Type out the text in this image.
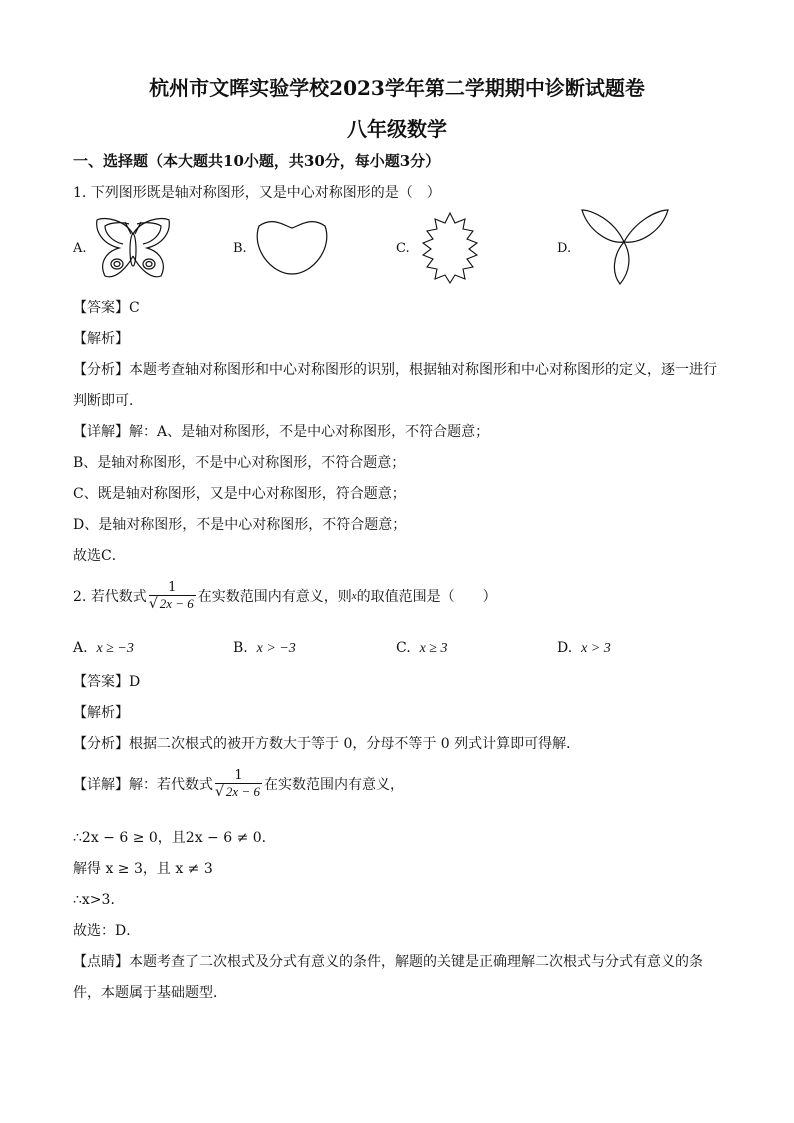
杭州市文晖实验学校2023学年第二学期期中诊断试题卷
八年级数学
一、选择题（本大题共10小题，共30分，每小题3分）
1. 下列图形既是轴对称图形，又是中心对称图形的是（　）
A.	B.	C.	D.
【答案】C
【解析】
【分析】本题考查轴对称图形和中心对称图形的识别，根据轴对称图形和中心对称图形的定义，逐一进行
判断即可．
【详解】解：A、是轴对称图形，不是中心对称图形，不符合题意；
B、是轴对称图形，不是中心对称图形，不符合题意；
C、既是轴对称图形，又是中心对称图形，符合题意；
D、是轴对称图形，不是中心对称图形，不符合题意；
故选C．
2. 若代数式 $\frac{1}{√ 2x - 6}$ 在实数范围内有意义，则 x 的取值范围是（　　）
A. x ≥ −3	B. x > −3	C. x ≥ 3	D. x > 3
【答案】D
【解析】
【分析】根据二次根式的被开方数大于等于 0，分母不等于 0 列式计算即可得解．
【详解】解：若代数式 $\frac{1}{√ 2x - 6}$ 在实数范围内有意义，
∴2x − 6 ≥ 0，且2x − 6 ≠ 0．
解得 x ≥ 3，且 x ≠ 3
∴x>3．
故选：D．
【点睛】本题考查了二次根式及分式有意义的条件，解题的关键是正确理解二次根式与分式有意义的条
件，本题属于基础题型．
